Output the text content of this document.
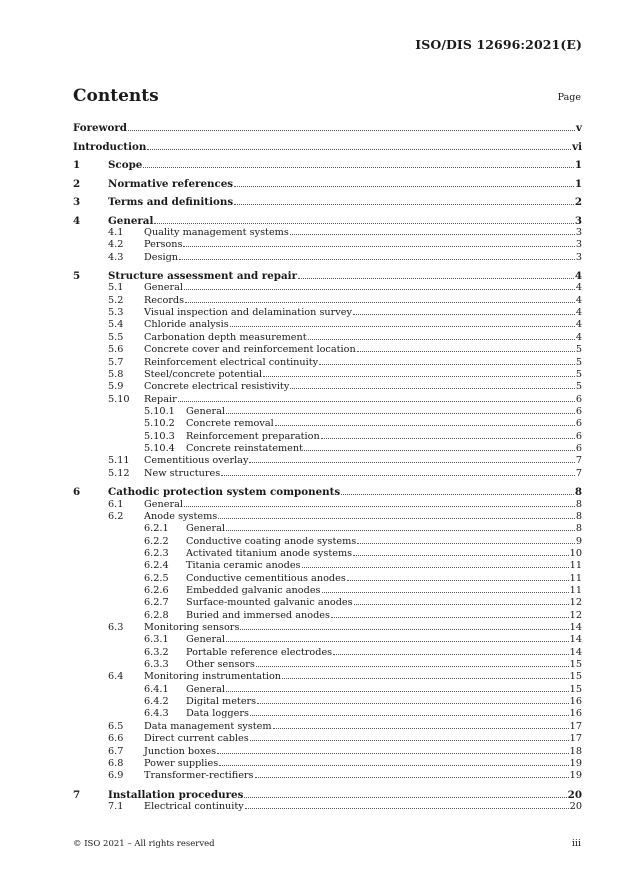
ISO/DIS 12696:2021(E)
Contents	Page
Foreword	v
Introduction	vi
1	Scope	1
2	Normative references	1
3	Terms and definitions	2
4	General	3
4.1 Quality management systems	3
4.2 Persons	3
4.3 Design	3
5	Structure assessment and repair	4
5.1 General	4
5.2 Records	4
5.3 Visual inspection and delamination survey	4
5.4 Chloride analysis	4
5.5 Carbonation depth measurement	4
5.6 Concrete cover and reinforcement location	5
5.7 Reinforcement electrical continuity	5
5.8 Steel/concrete potential	5
5.9 Concrete electrical resistivity	5
5.10 Repair	6
5.10.1 General	6
5.10.2 Concrete removal	6
5.10.3 Reinforcement preparation	6
5.10.4 Concrete reinstatement	6
5.11 Cementitious overlay	7
5.12 New structures	7
6	Cathodic protection system components	8
6.1 General	8
6.2 Anode systems	8
6.2.1 General	8
6.2.2 Conductive coating anode systems	9
6.2.3 Activated titanium anode systems	10
6.2.4 Titania ceramic anodes	11
6.2.5 Conductive cementitious anodes	11
6.2.6 Embedded galvanic anodes	11
6.2.7 Surface-mounted galvanic anodes	12
6.2.8 Buried and immersed anodes	12
6.3 Monitoring sensors	14
6.3.1 General	14
6.3.2 Portable reference electrodes	14
6.3.3 Other sensors	15
6.4 Monitoring instrumentation	15
6.4.1 General	15
6.4.2 Digital meters	16
6.4.3 Data loggers	16
6.5 Data management system	17
6.6 Direct current cables	17
6.7 Junction boxes	18
6.8 Power supplies	19
6.9 Transformer-rectifiers	19
7	Installation procedures	20
7.1 Electrical continuity	20
© ISO 2021 – All rights reserved	iii
